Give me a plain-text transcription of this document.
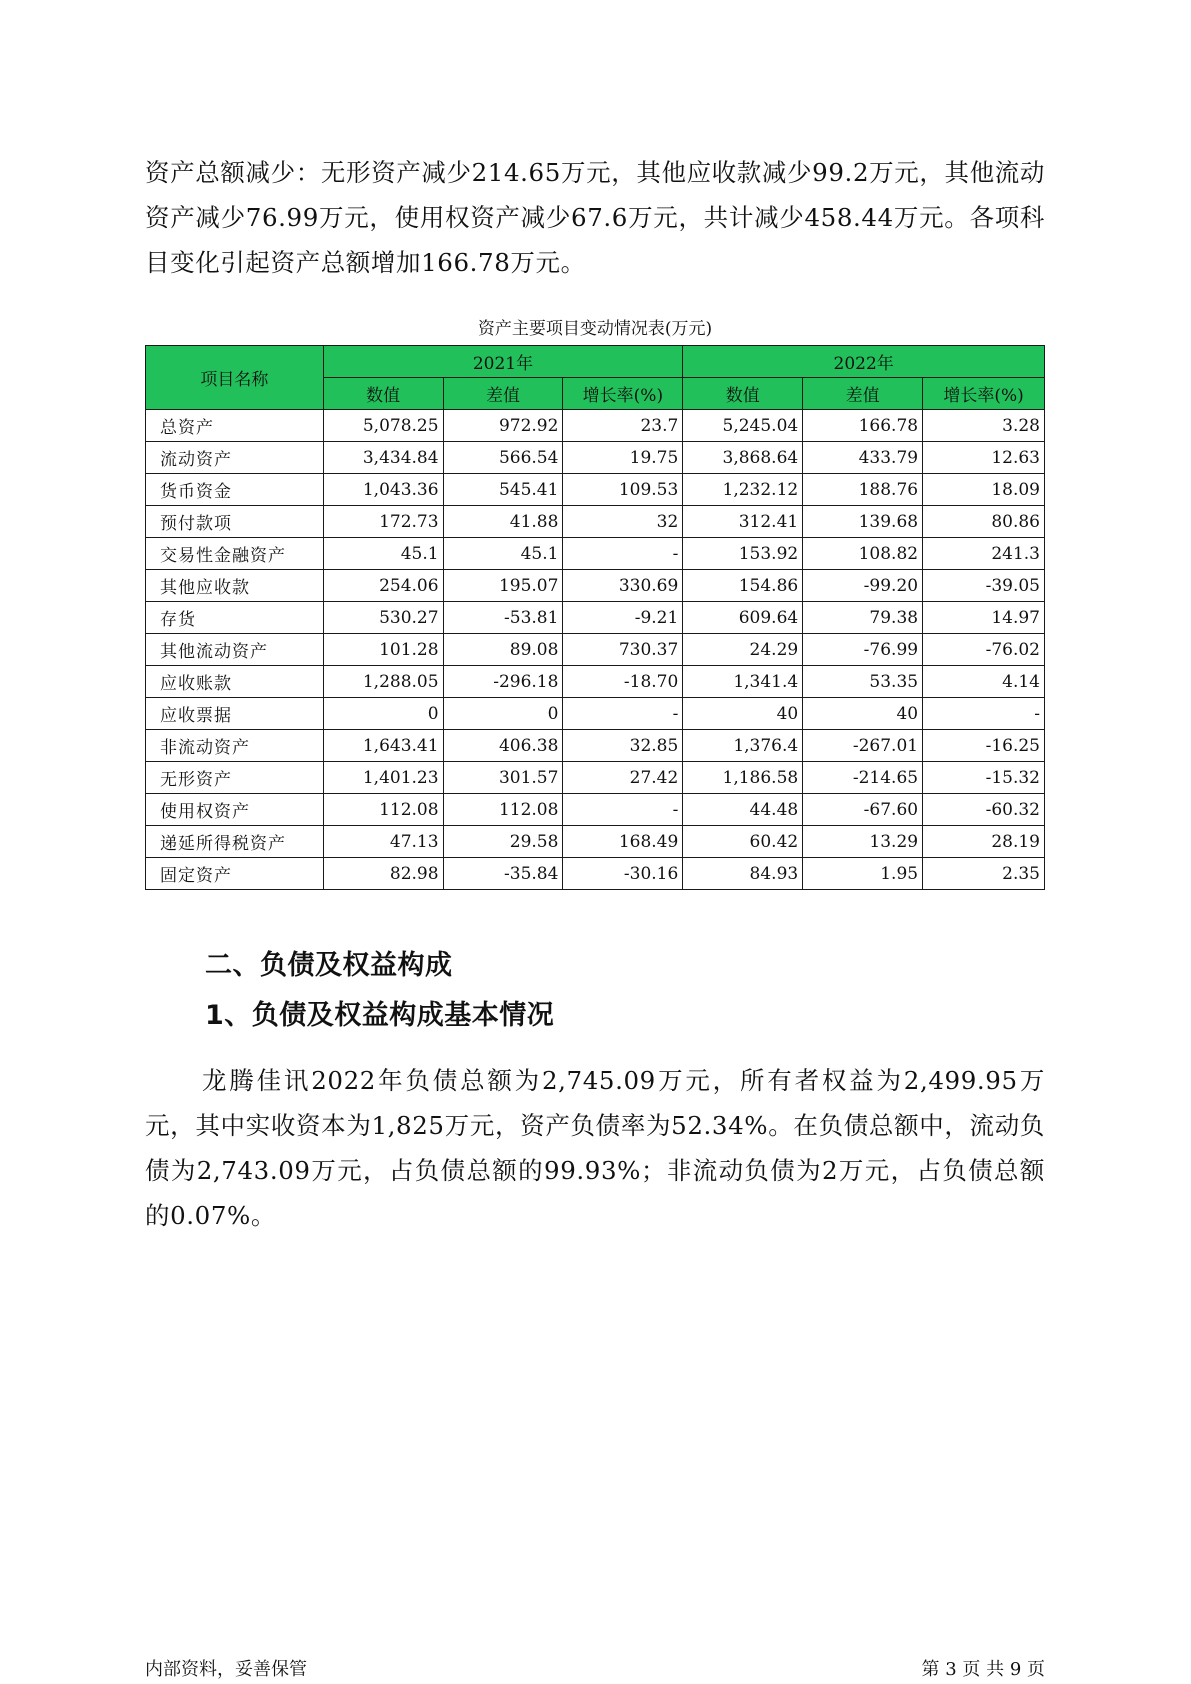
资产总额减少：无形资产减少214.65万元，其他应收款减少99.2万元，其他流动资产减少76.99万元，使用权资产减少67.6万元，共计减少458.44万元。各项科目变化引起资产总额增加166.78万元。
资产主要项目变动情况表(万元)
项目名称	2021年			2022年		
	数值	差值	增长率(%)	数值	差值	增长率(%)
总资产	5,078.25	972.92	23.7	5,245.04	166.78	3.28
流动资产	3,434.84	566.54	19.75	3,868.64	433.79	12.63
货币资金	1,043.36	545.41	109.53	1,232.12	188.76	18.09
预付款项	172.73	41.88	32	312.41	139.68	80.86
交易性金融资产	45.1	45.1	-	153.92	108.82	241.3
其他应收款	254.06	195.07	330.69	154.86	-99.20	-39.05
存货	530.27	-53.81	-9.21	609.64	79.38	14.97
其他流动资产	101.28	89.08	730.37	24.29	-76.99	-76.02
应收账款	1,288.05	-296.18	-18.70	1,341.4	53.35	4.14
应收票据	0	0	-	40	40	-
非流动资产	1,643.41	406.38	32.85	1,376.4	-267.01	-16.25
无形资产	1,401.23	301.57	27.42	1,186.58	-214.65	-15.32
使用权资产	112.08	112.08	-	44.48	-67.60	-60.32
递延所得税资产	47.13	29.58	168.49	60.42	13.29	28.19
固定资产	82.98	-35.84	-30.16	84.93	1.95	2.35
二、负债及权益构成
1、负债及权益构成基本情况
龙腾佳讯2022年负债总额为2,745.09万元，所有者权益为2,499.95万元，其中实收资本为1,825万元，资产负债率为52.34%。在负债总额中，流动负债为2,743.09万元，占负债总额的99.93%；非流动负债为2万元，占负债总额的0.07%。
内部资料，妥善保管	第 3 页 共 9 页
